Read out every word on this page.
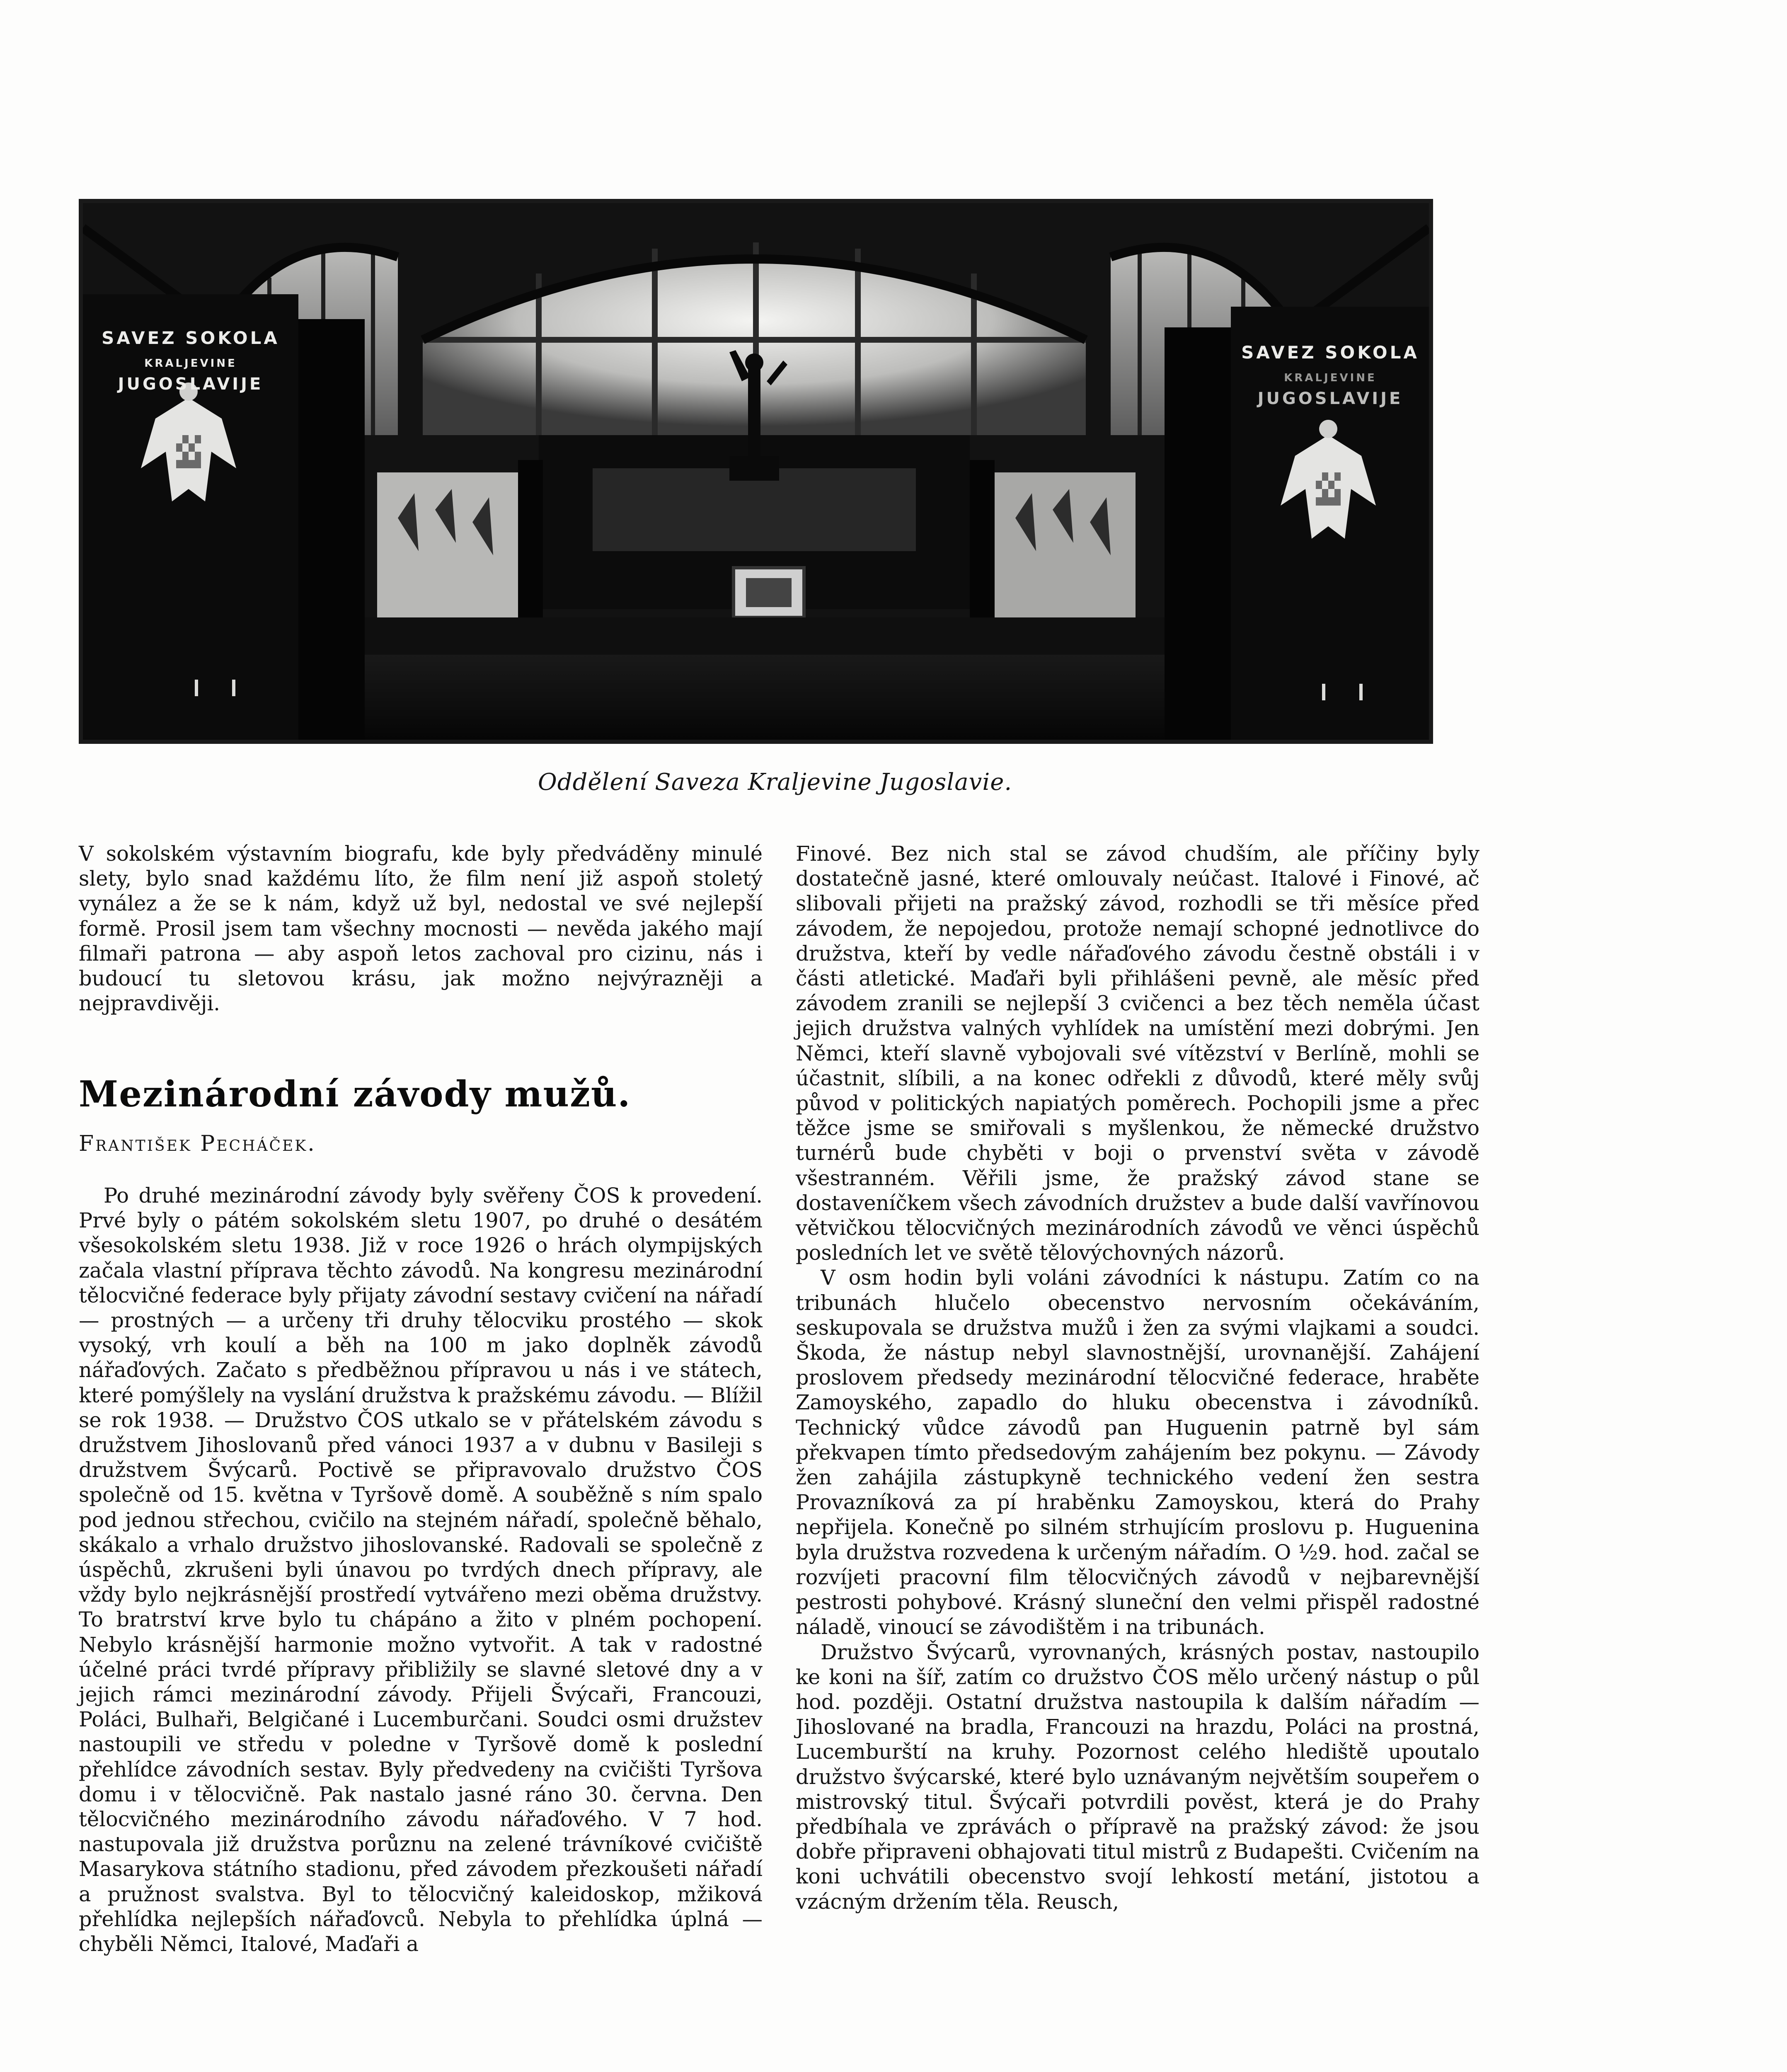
SAVEZ SOKOLA
KRALJEVINE
JUGOSLAVIJE
SAVEZ SOKOLA
KRALJEVINE
JUGOSLAVIJE
Oddělení Saveza Kraljevine Jugoslavie.

V sokolském výstavním biografu, kde byly předváděny minulé slety, bylo snad každému líto, že film není již aspoň stoletý vynález a že se k nám, když už byl, nedostal ve své nejlepší formě. Prosil jsem tam všechny mocnosti — nevěda jakého mají filmaři patrona — aby aspoň letos zachoval pro cizinu, nás i budoucí tu sletovou krásu, jak možno nejvýrazněji a nejpravdivěji.

Mezinárodní závody mužů.
František Pecháček.

Po druhé mezinárodní závody byly svěřeny ČOS k provedení. Prvé byly o pátém sokolském sletu 1907, po druhé o desátém všesokolském sletu 1938. Již v roce 1926 o hrách olympijských začala vlastní příprava těchto závodů. Na kongresu mezinárodní tělocvičné federace byly přijaty závodní sestavy cvičení na nářadí — prostných — a určeny tři druhy tělocviku prostého — skok vysoký, vrh koulí a běh na 100 m jako doplněk závodů nářaďových. Začato s předběžnou přípravou u nás i ve státech, které pomýšlely na vyslání družstva k pražskému závodu. — Blížil se rok 1938. — Družstvo ČOS utkalo se v přátelském závodu s družstvem Jihoslovanů před vánoci 1937 a v dubnu v Basileji s družstvem Švýcarů. Poctivě se připravovalo družstvo ČOS společně od 15. května v Tyršově domě. A souběžně s ním spalo pod jednou střechou, cvičilo na stejném nářadí, společně běhalo, skákalo a vrhalo družstvo jihoslovanské. Radovali se společně z úspěchů, zkrušeni byli únavou po tvrdých dnech přípravy, ale vždy bylo nejkrásnější prostředí vytvářeno mezi oběma družstvy. To bratrství krve bylo tu chápáno a žito v plném pochopení. Nebylo krásnější harmonie možno vytvořit. A tak v radostné účelné práci tvrdé přípravy přibližily se slavné sletové dny a v jejich rámci mezinárodní závody. Přijeli Švýcaři, Francouzi, Poláci, Bulhaři, Belgičané i Lucemburčani. Soudci osmi družstev nastoupili ve středu v poledne v Tyršově domě k poslední přehlídce závodních sestav. Byly předvedeny na cvičišti Tyršova domu i v tělocvičně. Pak nastalo jasné ráno 30. června. Den tělocvičného mezinárodního závodu nářaďového. V 7 hod. nastupovala již družstva porůznu na zelené trávníkové cvičiště Masarykova státního stadionu, před závodem přezkoušeti nářadí a pružnost svalstva. Byl to tělocvičný kaleidoskop, mžiková přehlídka nejlepších nářaďovců. Nebyla to přehlídka úplná — chyběli Němci, Italové, Maďaři a

Finové. Bez nich stal se závod chudším, ale příčiny byly dostatečně jasné, které omlouvaly neúčast. Italové i Finové, ač slibovali přijeti na pražský závod, rozhodli se tři měsíce před závodem, že nepojedou, protože nemají schopné jednotlivce do družstva, kteří by vedle nářaďového závodu čestně obstáli i v části atletické. Maďaři byli přihlášeni pevně, ale měsíc před závodem zranili se nejlepší 3 cvičenci a bez těch neměla účast jejich družstva valných vyhlídek na umístění mezi dobrými. Jen Němci, kteří slavně vybojovali své vítězství v Berlíně, mohli se účastnit, slíbili, a na konec odřekli z důvodů, které měly svůj původ v politických napiatých poměrech. Pochopili jsme a přec těžce jsme se smiřovali s myšlenkou, že německé družstvo turnérů bude chyběti v boji o prvenství světa v závodě všestranném. Věřili jsme, že pražský závod stane se dostaveníčkem všech závodních družstev a bude další vavřínovou větvičkou tělocvičných mezinárodních závodů ve věnci úspěchů posledních let ve světě tělovýchovných názorů.

V osm hodin byli voláni závodníci k nástupu. Zatím co na tribunách hlučelo obecenstvo nervosním očekáváním, seskupovala se družstva mužů i žen za svými vlajkami a soudci. Škoda, že nástup nebyl slavnostnější, urovnanější. Zahájení proslovem předsedy mezinárodní tělocvičné federace, hraběte Zamoyského, zapadlo do hluku obecenstva i závodníků. Technický vůdce závodů pan Huguenin patrně byl sám překvapen tímto předsedovým zahájením bez pokynu. — Závody žen zahájila zástupkyně technického vedení žen sestra Provazníková za pí hraběnku Zamoyskou, která do Prahy nepřijela. Konečně po silném strhujícím proslovu p. Huguenina byla družstva rozvedena k určeným nářadím. O ½9. hod. začal se rozvíjeti pracovní film tělocvičných závodů v nejbarevnější pestrosti pohybové. Krásný sluneční den velmi přispěl radostné náladě, vinoucí se závodištěm i na tribunách.

Družstvo Švýcarů, vyrovnaných, krásných postav, nastoupilo ke koni na šíř, zatím co družstvo ČOS mělo určený nástup o půl hod. později. Ostatní družstva nastoupila k dalším nářadím — Jihoslované na bradla, Francouzi na hrazdu, Poláci na prostná, Lucemburští na kruhy. Pozornost celého hlediště upoutalo družstvo švýcarské, které bylo uznávaným největším soupeřem o mistrovský titul. Švýcaři potvrdili pověst, která je do Prahy předbíhala ve zprávách o přípravě na pražský závod: že jsou dobře připraveni obhajovati titul mistrů z Budapešti. Cvičením na koni uchvátili obecenstvo svojí lehkostí metání, jistotou a vzácným držením těla. Reusch,
